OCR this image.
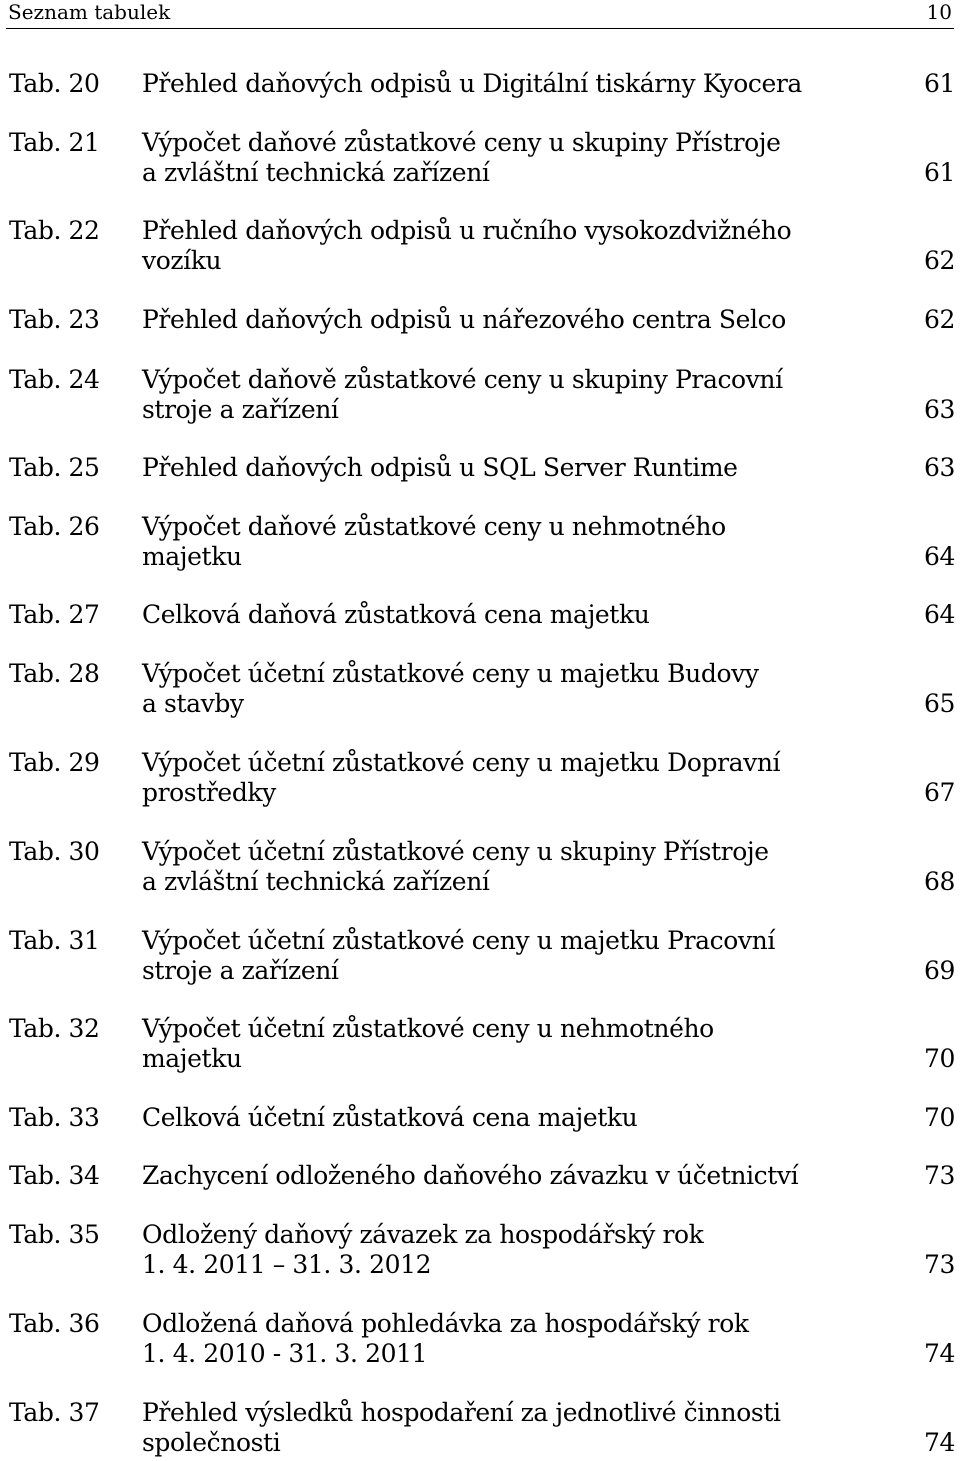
Seznam tabulek	10
Tab. 20 Přehled daňových odpisů u Digitální tiskárny Kyocera	61
Tab. 21 Výpočet daňové zůstatkové ceny u skupiny Přístroje
a zvláštní technická zařízení	61
Tab. 22 Přehled daňových odpisů u ručního vysokozdvižného
vozíku	62
Tab. 23 Přehled daňových odpisů u nářezového centra Selco	62
Tab. 24 Výpočet daňově zůstatkové ceny u skupiny Pracovní
stroje a zařízení	63
Tab. 25 Přehled daňových odpisů u SQL Server Runtime	63
Tab. 26 Výpočet daňové zůstatkové ceny u nehmotného
majetku	64
Tab. 27 Celková daňová zůstatková cena majetku	64
Tab. 28 Výpočet účetní zůstatkové ceny u majetku Budovy
a stavby	65
Tab. 29 Výpočet účetní zůstatkové ceny u majetku Dopravní
prostředky	67
Tab. 30 Výpočet účetní zůstatkové ceny u skupiny Přístroje
a zvláštní technická zařízení	68
Tab. 31 Výpočet účetní zůstatkové ceny u majetku Pracovní
stroje a zařízení	69
Tab. 32 Výpočet účetní zůstatkové ceny u nehmotného
majetku	70
Tab. 33 Celková účetní zůstatková cena majetku	70
Tab. 34 Zachycení odloženého daňového závazku v účetnictví	73
Tab. 35 Odložený daňový závazek za hospodářský rok
1. 4. 2011 – 31. 3. 2012	73
Tab. 36 Odložená daňová pohledávka za hospodářský rok
1. 4. 2010 - 31. 3. 2011	74
Tab. 37 Přehled výsledků hospodaření za jednotlivé činnosti
společnosti	74
